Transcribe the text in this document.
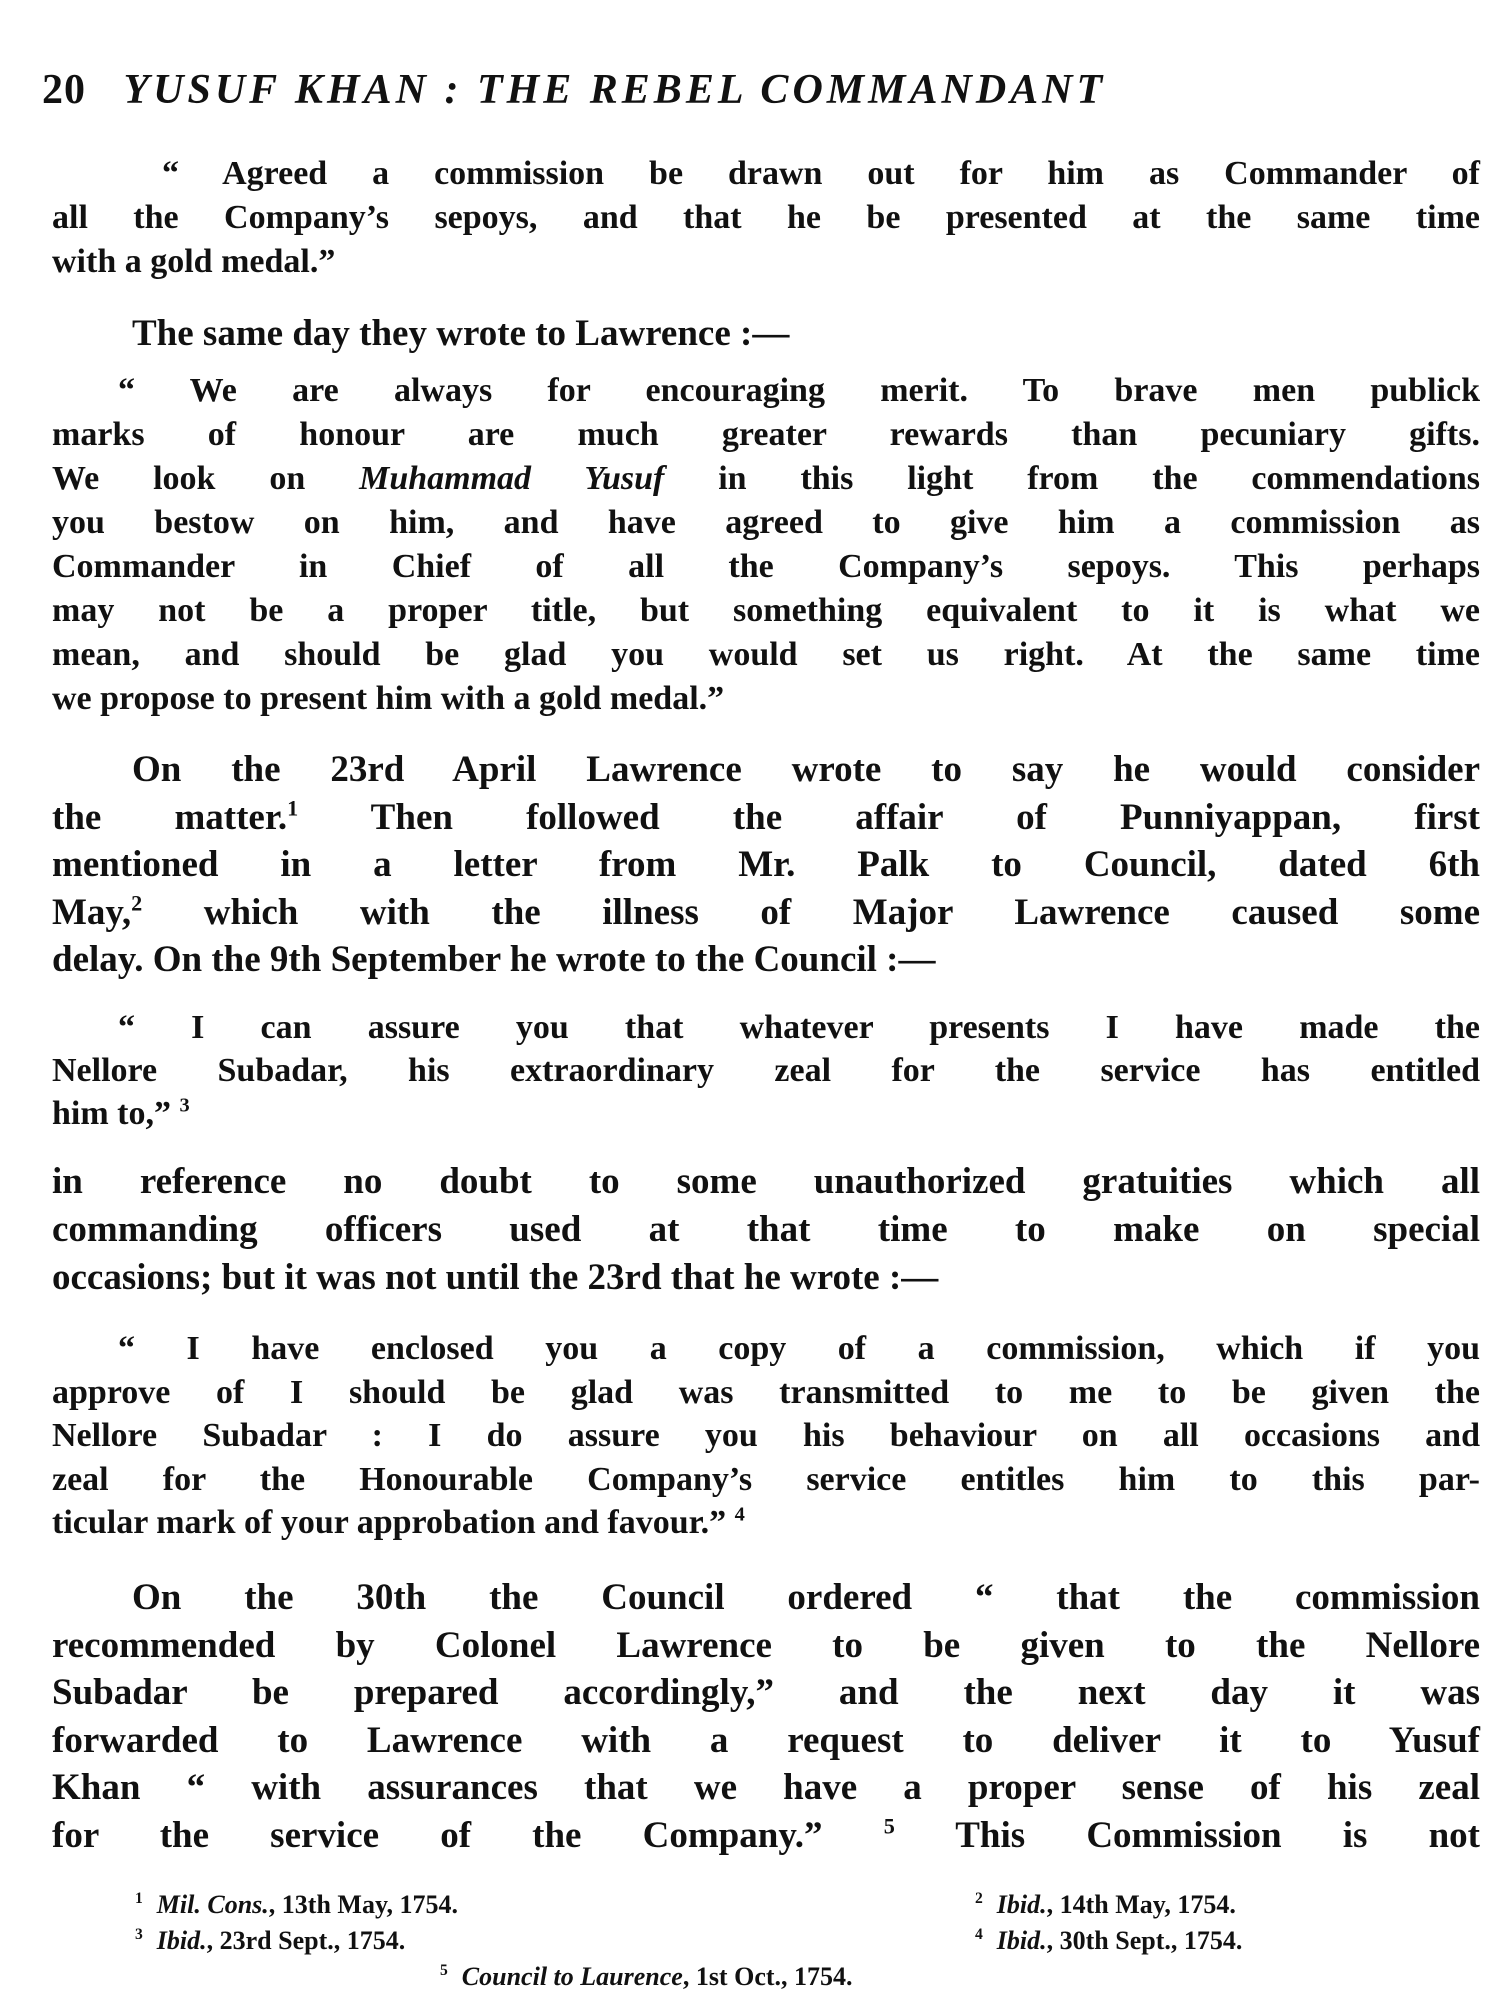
20 YUSUF KHAN : THE REBEL COMMANDANT
“ Agreed a commission be drawn out for him as Commander of
all the Company’s sepoys, and that he be presented at the same time
with a gold medal.”
The same day they wrote to Lawrence :—
“ We are always for encouraging merit. To brave men publick
marks of honour are much greater rewards than pecuniary gifts.
We look on Muhammad Yusuf in this light from the commendations
you bestow on him, and have agreed to give him a commission as
Commander in Chief of all the Company’s sepoys. This perhaps
may not be a proper title, but something equivalent to it is what we
mean, and should be glad you would set us right. At the same time
we propose to present him with a gold medal.”
On the 23rd April Lawrence wrote to say he would consider
the matter.$^1$ Then followed the affair of Punniyappan, first
mentioned in a letter from Mr. Palk to Council, dated 6th
May,$^2$ which with the illness of Major Lawrence caused some
delay. On the 9th September he wrote to the Council :—
“ I can assure you that whatever presents I have made the
Nellore Subadar, his extraordinary zeal for the service has entitled
him to,” $^3$
in reference no doubt to some unauthorized gratuities which all
commanding officers used at that time to make on special
occasions; but it was not until the 23rd that he wrote :—
“ I have enclosed you a copy of a commission, which if you
approve of I should be glad was transmitted to me to be given the
Nellore Subadar : I do assure you his behaviour on all occasions and
zeal for the Honourable Company’s service entitles him to this par-
ticular mark of your approbation and favour.” $^4$
On the 30th the Council ordered “ that the commission
recommended by Colonel Lawrence to be given to the Nellore
Subadar be prepared accordingly,” and the next day it was
forwarded to Lawrence with a request to deliver it to Yusuf
Khan “ with assurances that we have a proper sense of his zeal
for the service of the Company.” $^5$ This Commission is not
$^1$ Mil. Cons., 13th May, 1754.	$^2$ Ibid., 14th May, 1754.
$^3$ Ibid., 23rd Sept., 1754.	$^4$ Ibid., 30th Sept., 1754.
$^5$ Council to Laurence, 1st Oct., 1754.
